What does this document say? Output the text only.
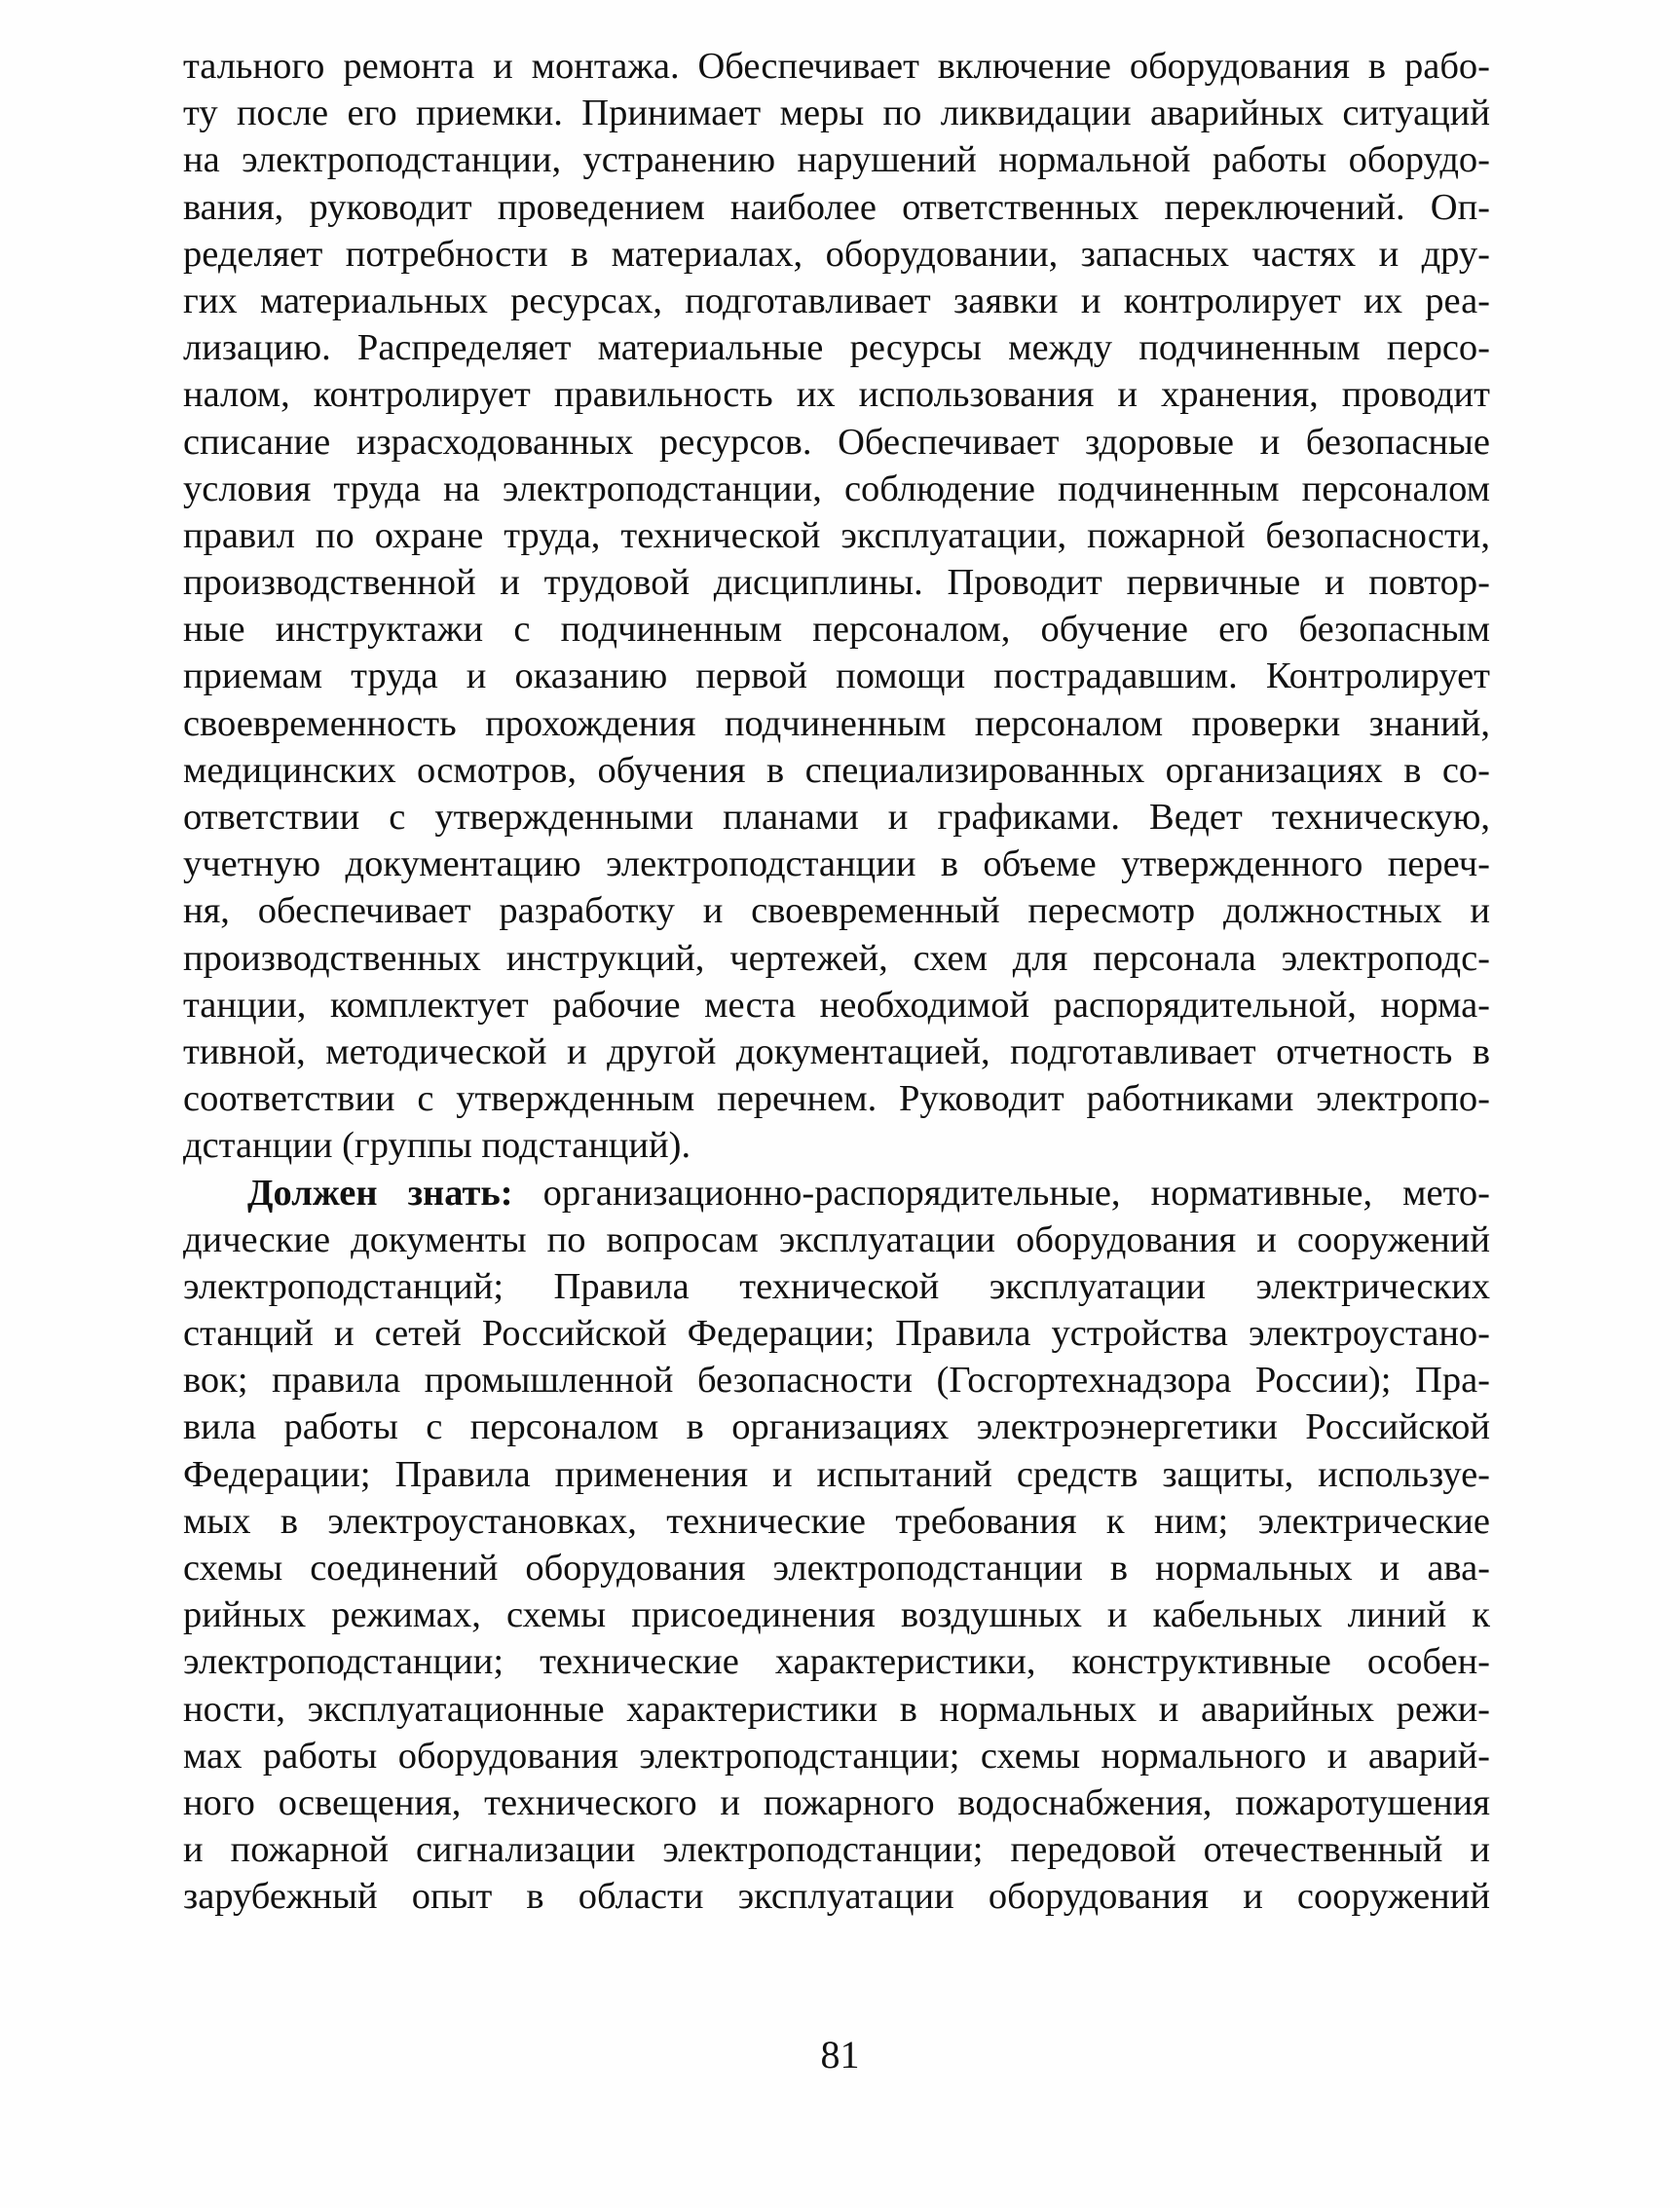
тального ремонта и монтажа. Обеспечивает включение оборудования в рабо-
ту после его приемки. Принимает меры по ликвидации аварийных ситуаций
на электроподстанции, устранению нарушений нормальной работы оборудо-
вания, руководит проведением наиболее ответственных переключений. Оп-
ределяет потребности в материалах, оборудовании, запасных частях и дру-
гих материальных ресурсах, подготавливает заявки и контролирует их реа-
лизацию. Распределяет материальные ресурсы между подчиненным персо-
налом, контролирует правильность их использования и хранения, проводит
списание израсходованных ресурсов. Обеспечивает здоровые и безопасные
условия труда на электроподстанции, соблюдение подчиненным персоналом
правил по охране труда, технической эксплуатации, пожарной безопасности,
производственной и трудовой дисциплины. Проводит первичные и повтор-
ные инструктажи с подчиненным персоналом, обучение его безопасным
приемам труда и оказанию первой помощи пострадавшим. Контролирует
своевременность прохождения подчиненным персоналом проверки знаний,
медицинских осмотров, обучения в специализированных организациях в со-
ответствии с утвержденными планами и графиками. Ведет техническую,
учетную документацию электроподстанции в объеме утвержденного переч-
ня, обеспечивает разработку и своевременный пересмотр должностных и
производственных инструкций, чертежей, схем для персонала электроподс-
танции, комплектует рабочие места необходимой распорядительной, норма-
тивной, методической и другой документацией, подготавливает отчетность в
соответствии с утвержденным перечнем. Руководит работниками электропо-
дстанции (группы подстанций).
Должен знать: организационно-распорядительные, нормативные, мето-
дические документы по вопросам эксплуатации оборудования и сооружений
электроподстанций; Правила технической эксплуатации электрических
станций и сетей Российской Федерации; Правила устройства электроустано-
вок; правила промышленной безопасности (Госгортехнадзора России); Пра-
вила работы с персоналом в организациях электроэнергетики Российской
Федерации; Правила применения и испытаний средств защиты, используе-
мых в электроустановках, технические требования к ним; электрические
схемы соединений оборудования электроподстанции в нормальных и ава-
рийных режимах, схемы присоединения воздушных и кабельных линий к
электроподстанции; технические характеристики, конструктивные особен-
ности, эксплуатационные характеристики в нормальных и аварийных режи-
мах работы оборудования электроподстанции; схемы нормального и аварий-
ного освещения, технического и пожарного водоснабжения, пожаротушения
и пожарной сигнализации электроподстанции; передовой отечественный и
зарубежный опыт в области эксплуатации оборудования и сооружений
81
